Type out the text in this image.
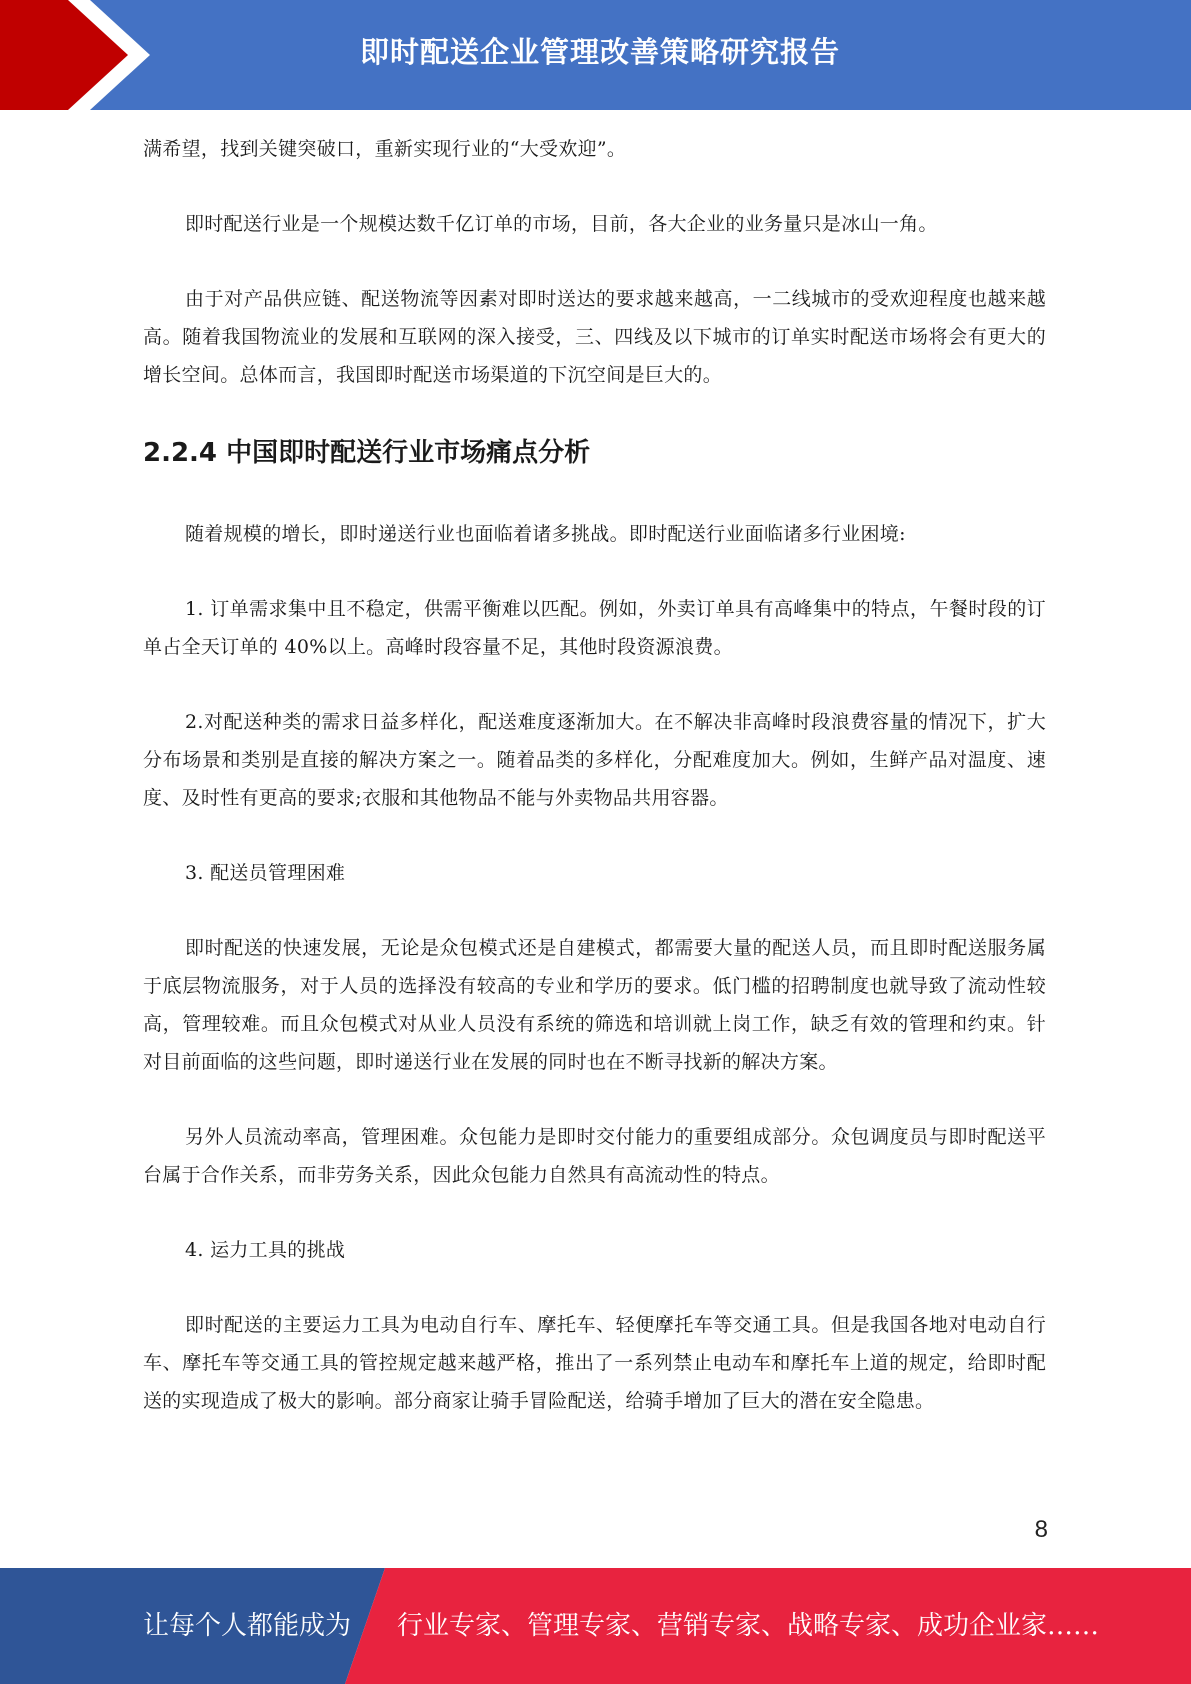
即时配送企业管理改善策略研究报告

满希望，找到关键突破口，重新实现行业的“大受欢迎”。

即时配送行业是一个规模达数千亿订单的市场，目前，各大企业的业务量只是冰山一角。

由于对产品供应链、配送物流等因素对即时送达的要求越来越高，一二线城市的受欢迎程度也越来越高。随着我国物流业的发展和互联网的深入接受，三、四线及以下城市的订单实时配送市场将会有更大的增长空间。总体而言，我国即时配送市场渠道的下沉空间是巨大的。

2.2.4 中国即时配送行业市场痛点分析

随着规模的增长，即时递送行业也面临着诸多挑战。即时配送行业面临诸多行业困境:

1. 订单需求集中且不稳定，供需平衡难以匹配。例如，外卖订单具有高峰集中的特点，午餐时段的订单占全天订单的 40%以上。高峰时段容量不足，其他时段资源浪费。

2.对配送种类的需求日益多样化，配送难度逐渐加大。在不解决非高峰时段浪费容量的情况下，扩大分布场景和类别是直接的解决方案之一。随着品类的多样化，分配难度加大。例如，生鲜产品对温度、速度、及时性有更高的要求;衣服和其他物品不能与外卖物品共用容器。

3. 配送员管理困难

即时配送的快速发展，无论是众包模式还是自建模式，都需要大量的配送人员，而且即时配送服务属于底层物流服务，对于人员的选择没有较高的专业和学历的要求。低门槛的招聘制度也就导致了流动性较高，管理较难。而且众包模式对从业人员没有系统的筛选和培训就上岗工作，缺乏有效的管理和约束。针对目前面临的这些问题，即时递送行业在发展的同时也在不断寻找新的解决方案。

另外人员流动率高，管理困难。众包能力是即时交付能力的重要组成部分。众包调度员与即时配送平台属于合作关系，而非劳务关系，因此众包能力自然具有高流动性的特点。

4. 运力工具的挑战

即时配送的主要运力工具为电动自行车、摩托车、轻便摩托车等交通工具。但是我国各地对电动自行车、摩托车等交通工具的管控规定越来越严格，推出了一系列禁止电动车和摩托车上道的规定，给即时配送的实现造成了极大的影响。部分商家让骑手冒险配送，给骑手增加了巨大的潜在安全隐患。

8
让每个人都能成为 行业专家、管理专家、营销专家、战略专家、成功企业家……
